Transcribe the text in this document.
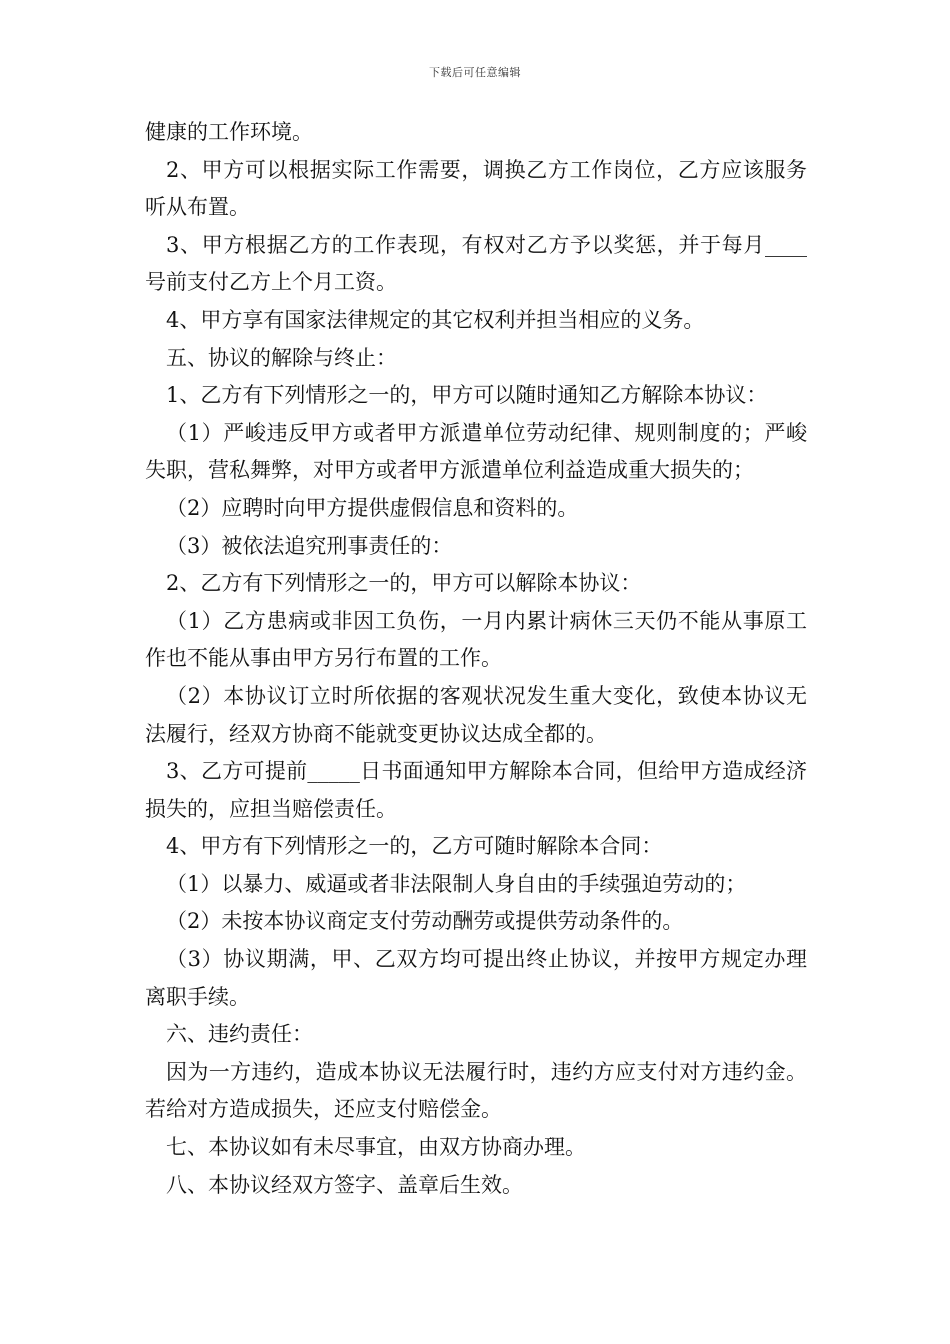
下载后可任意编辑

健康的工作环境。

2、甲方可以根据实际工作需要，调换乙方工作岗位，乙方应该服务听从布置。

3、甲方根据乙方的工作表现，有权对乙方予以奖惩，并于每月____号前支付乙方上个月工资。

4、甲方享有国家法律规定的其它权利并担当相应的义务。

五、协议的解除与终止：

1、乙方有下列情形之一的，甲方可以随时通知乙方解除本协议：

（1）严峻违反甲方或者甲方派遣单位劳动纪律、规则制度的；严峻失职，营私舞弊，对甲方或者甲方派遣单位利益造成重大损失的；

（2）应聘时向甲方提供虚假信息和资料的。

（3）被依法追究刑事责任的：

2、乙方有下列情形之一的，甲方可以解除本协议：

（1）乙方患病或非因工负伤，一月内累计病休三天仍不能从事原工作也不能从事由甲方另行布置的工作。

（2）本协议订立时所依据的客观状况发生重大变化，致使本协议无法履行，经双方协商不能就变更协议达成全都的。

3、乙方可提前_____日书面通知甲方解除本合同，但给甲方造成经济损失的，应担当赔偿责任。

4、甲方有下列情形之一的，乙方可随时解除本合同：

（1）以暴力、威逼或者非法限制人身自由的手续强迫劳动的；

（2）未按本协议商定支付劳动酬劳或提供劳动条件的。

（3）协议期满，甲、乙双方均可提出终止协议，并按甲方规定办理离职手续。

六、违约责任：

因为一方违约，造成本协议无法履行时，违约方应支付对方违约金。若给对方造成损失，还应支付赔偿金。

七、本协议如有未尽事宜，由双方协商办理。

八、本协议经双方签字、盖章后生效。
